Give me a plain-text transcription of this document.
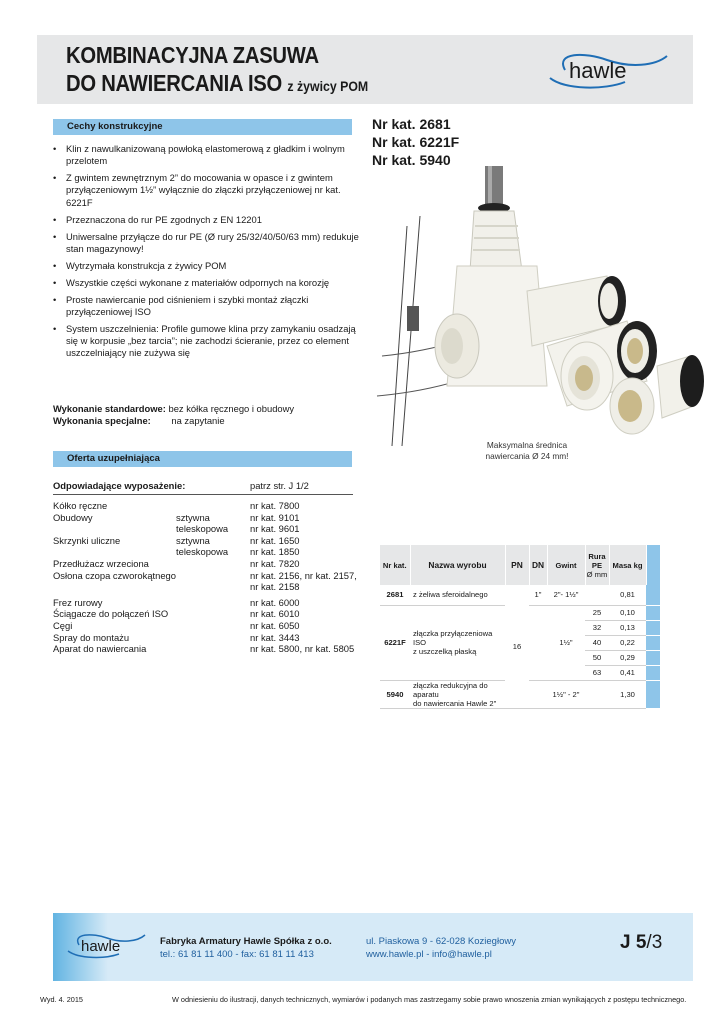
KOMBINACYJNA ZASUWA
DO NAWIERCANIA ISO z żywicy POM
hawle
Cechy konstrukcyjne
• Klin z nawulkanizowaną powłoką elastomerową z gładkim i wolnym przelotem
• Z gwintem zewnętrznym 2” do mocowania w opasce i z gwintem przyłączeniowym 1½” wyłącznie do złączki przyłączeniowej nr kat. 6221F
• Przeznaczona do rur PE zgodnych z EN 12201
• Uniwersalne przyłącze do rur PE (Ø rury 25/32/40/50/63 mm) redukuje stan magazynowy!
• Wytrzymała konstrukcja z żywicy POM
• Wszystkie części wykonane z materiałów odpornych na korozję
• Proste nawiercanie pod ciśnieniem i szybki montaż złączki przyłączeniowej ISO
• System uszczelnienia: Profile gumowe klina przy zamykaniu osadzają się w korpusie „bez tarcia”; nie zachodzi ścieranie, przez co element uszczelniający nie zużywa się
Wykonanie standardowe: bez kółka ręcznego i obudowy
Wykonania specjalne: na zapytanie
Nr kat. 2681
Nr kat. 6221F
Nr kat. 5940
Maksymalna średnica
nawiercania Ø 24 mm!
Oferta uzupełniająca
Odpowiadające wyposażenie:	patrz str. J 1/2
Kółko ręczne	nr kat. 7800
Obudowy	sztywna	nr kat. 9101
teleskopowa nr kat. 9601
Skrzynki uliczne	sztywna	nr kat. 1650
teleskopowa nr kat. 1850
Przedłużacz wrzeciona	nr kat. 7820
Osłona czopa czworokątnego	nr kat. 2156, nr kat. 2157,
nr kat. 2158
Frez rurowy	nr kat. 6000
Ściągacze do połączeń ISO	nr kat. 6010
Cęgi	nr kat. 6050
Spray do montażu	nr kat. 3443
Aparat do nawiercania	nr kat. 5800, nr kat. 5805
Nr kat.	Nazwa wyrobu	PN	DN	Gwint	Rura
PE
Ø mm	Masa kg	
2681	z żeliwa sferoidalnego	16	1"	2"- 1½"		0,81	
6221F	złączka przyłączeniowa ISO
z uszczelką płaską			1½"	25	0,10	
					32	0,13	
					40	0,22	
					50	0,29	
					63	0,41	
5940	złączka redukcyjna do aparatu
do nawiercania Hawle 2"			1½" - 2"		1,30	
hawle	Fabryka Armatury Hawle Spółka z o.o.
tel.: 61 81 11 400 - fax: 61 81 11 413
ul. Piaskowa 9 - 62-028 Koziegłowy
www.hawle.pl - info@hawle.pl
J 5/3
Wyd. 4. 2015	W odniesieniu do ilustracji, danych technicznych, wymiarów i podanych mas zastrzegamy sobie prawo wnoszenia zmian wynikających z postępu technicznego.
